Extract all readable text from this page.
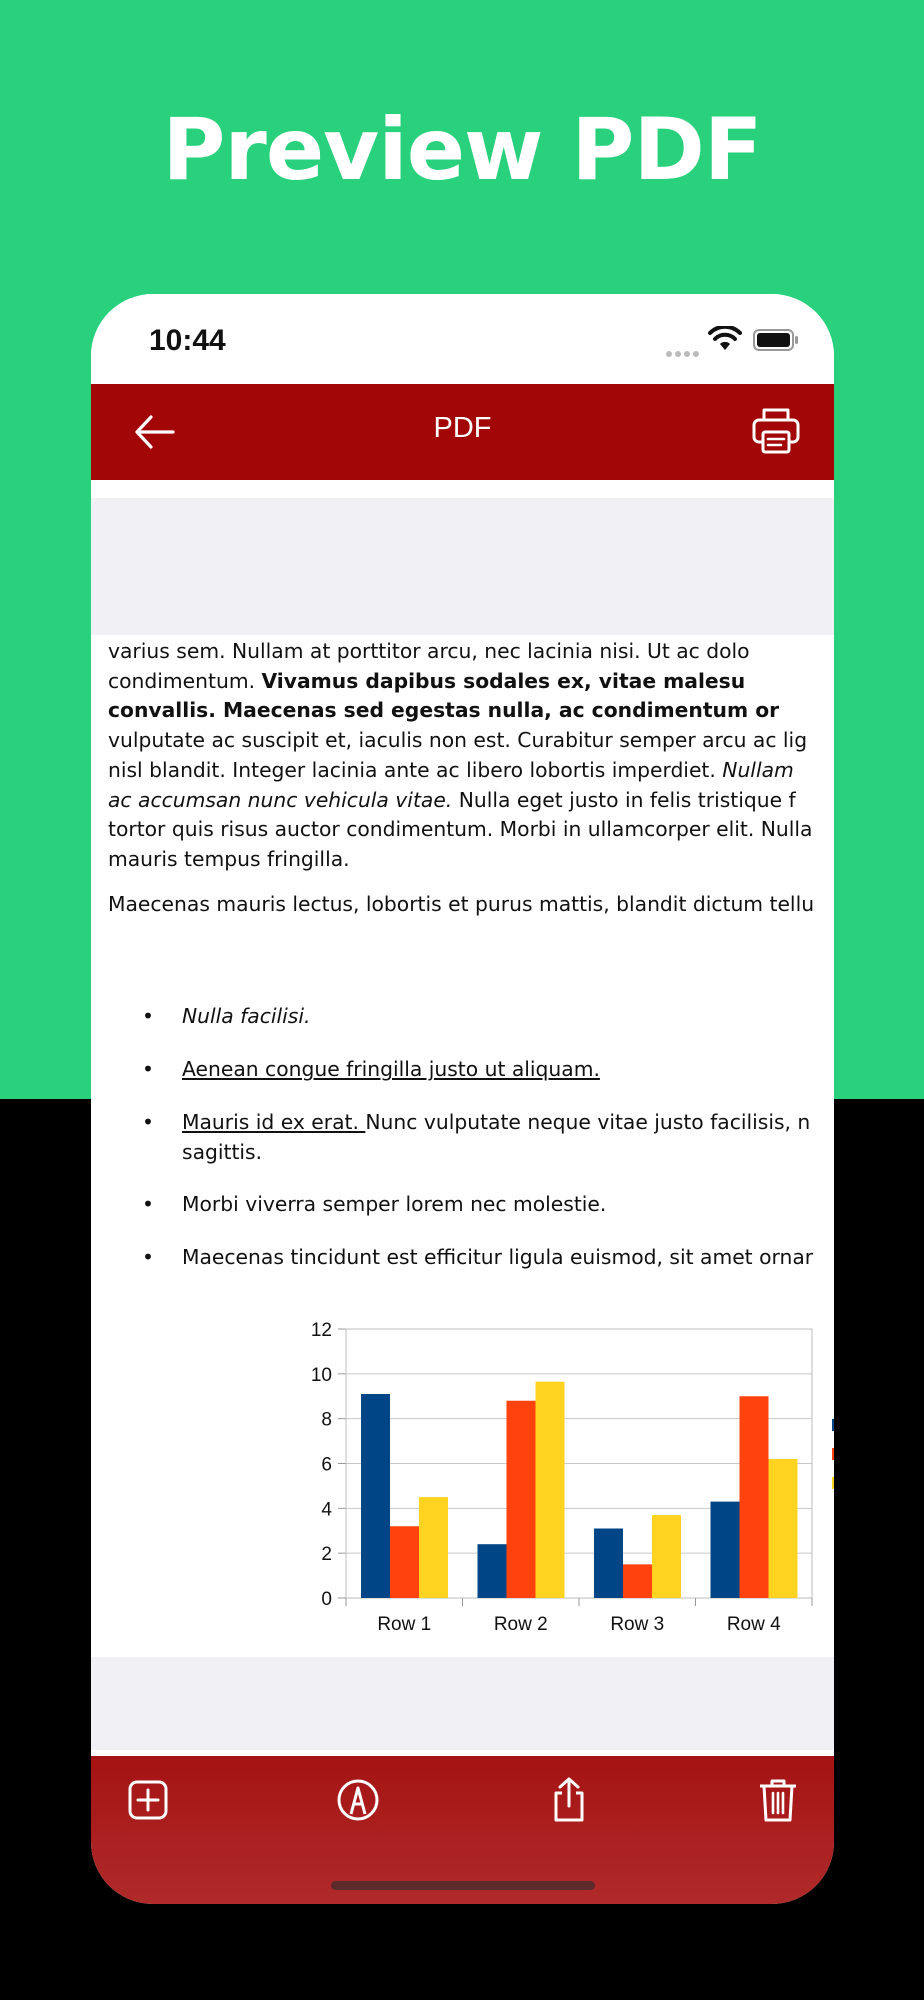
Preview PDF
10:44
PDF
varius sem. Nullam at porttitor arcu, nec lacinia nisi. Ut ac dolo
condimentum. Vivamus dapibus sodales ex, vitae malesu
convallis. Maecenas sed egestas nulla, ac condimentum or
vulputate ac suscipit et, iaculis non est. Curabitur semper arcu ac lig
nisl blandit. Integer lacinia ante ac libero lobortis imperdiet. Nullam
ac accumsan nunc vehicula vitae. Nulla eget justo in felis tristique f
tortor quis risus auctor condimentum. Morbi in ullamcorper elit. Nulla
mauris tempus fringilla.
Maecenas mauris lectus, lobortis et purus mattis, blandit dictum tellu
• Nulla facilisi.
• Aenean congue fringilla justo ut aliquam.
• Mauris id ex erat. Nunc vulputate neque vitae justo facilisis, n
sagittis.
• Morbi viverra semper lorem nec molestie.
• Maecenas tincidunt est efficitur ligula euismod, sit amet ornar
0
2
4
6
8
10
12
Row 1	Row 2	Row 3	Row 4
